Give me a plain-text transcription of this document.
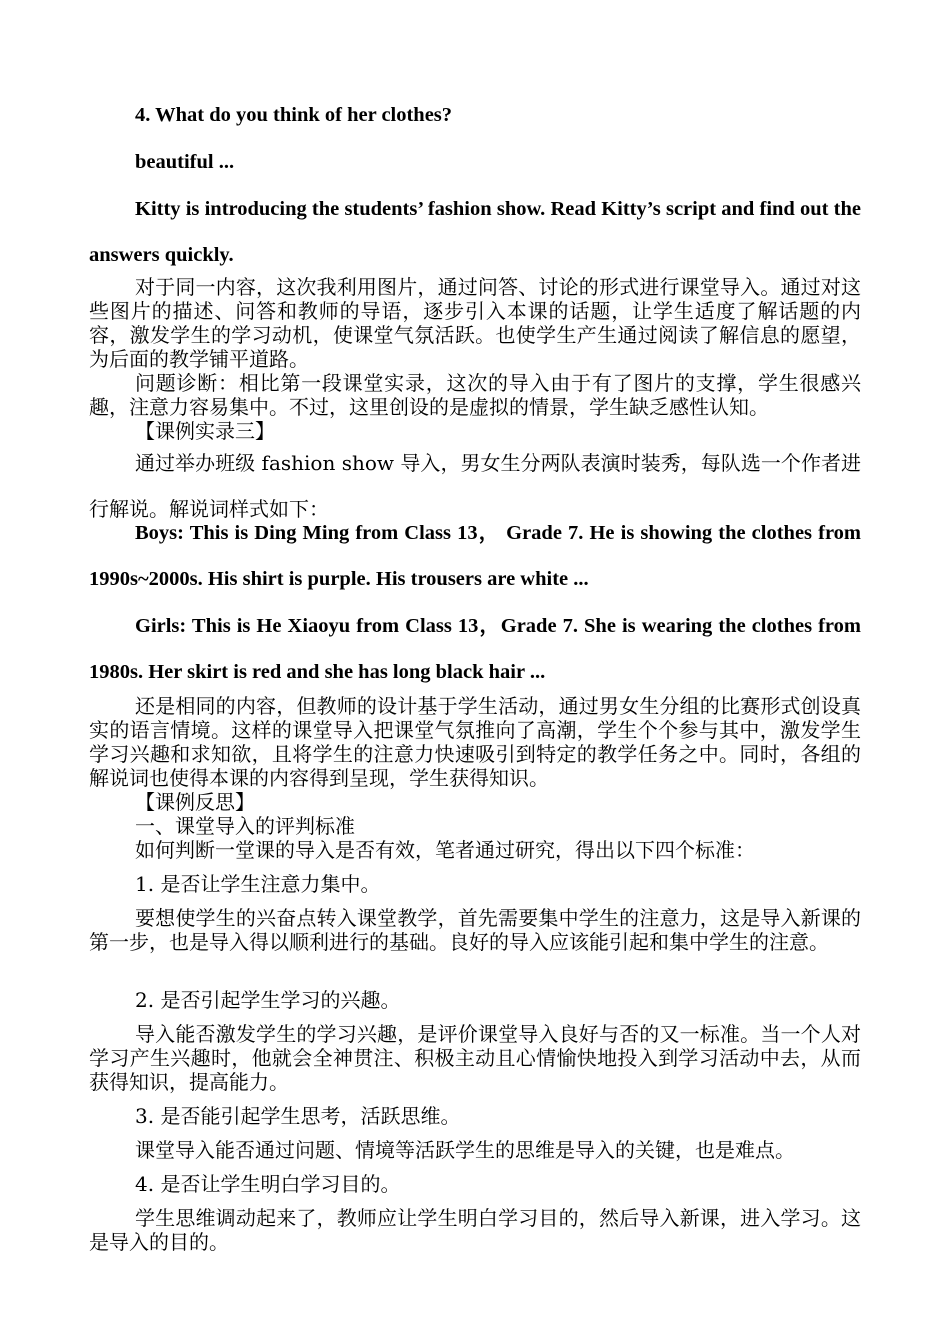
4. What do you think of her clothes?

beautiful ...

Kitty is introducing the students’ fashion show. Read Kitty’s script and find out the answers quickly.

对于同一内容，这次我利用图片，通过问答、讨论的形式进行课堂导入。通过对这些图片的描述、问答和教师的导语，逐步引入本课的话题，让学生适度了解话题的内容，激发学生的学习动机，使课堂气氛活跃。也使学生产生通过阅读了解信息的愿望，为后面的教学铺平道路。

问题诊断：相比第一段课堂实录，这次的导入由于有了图片的支撑，学生很感兴趣，注意力容易集中。不过，这里创设的是虚拟的情景，学生缺乏感性认知。

【课例实录三】

通过举办班级 fashion show 导入，男女生分两队表演时装秀，每队选一个作者进行解说。解说词样式如下：

Boys: This is Ding Ming from Class 13， Grade 7. He is showing the clothes from 1990s~2000s. His shirt is purple. His trousers are white ...

Girls: This is He Xiaoyu from Class 13，Grade 7. She is wearing the clothes from 1980s. Her skirt is red and she has long black hair ...

还是相同的内容，但教师的设计基于学生活动，通过男女生分组的比赛形式创设真实的语言情境。这样的课堂导入把课堂气氛推向了高潮，学生个个参与其中，激发学生学习兴趣和求知欲，且将学生的注意力快速吸引到特定的教学任务之中。同时，各组的解说词也使得本课的内容得到呈现，学生获得知识。

【课例反思】

一、课堂导入的评判标准

如何判断一堂课的导入是否有效，笔者通过研究，得出以下四个标准：

1. 是否让学生注意力集中。

要想使学生的兴奋点转入课堂教学，首先需要集中学生的注意力，这是导入新课的第一步，也是导入得以顺利进行的基础。良好的导入应该能引起和集中学生的注意。

2. 是否引起学生学习的兴趣。

导入能否激发学生的学习兴趣，是评价课堂导入良好与否的又一标准。当一个人对学习产生兴趣时，他就会全神贯注、积极主动且心情愉快地投入到学习活动中去，从而获得知识，提高能力。

3. 是否能引起学生思考，活跃思维。

课堂导入能否通过问题、情境等活跃学生的思维是导入的关键，也是难点。

4. 是否让学生明白学习目的。

学生思维调动起来了，教师应让学生明白学习目的，然后导入新课，进入学习。这是导入的目的。
